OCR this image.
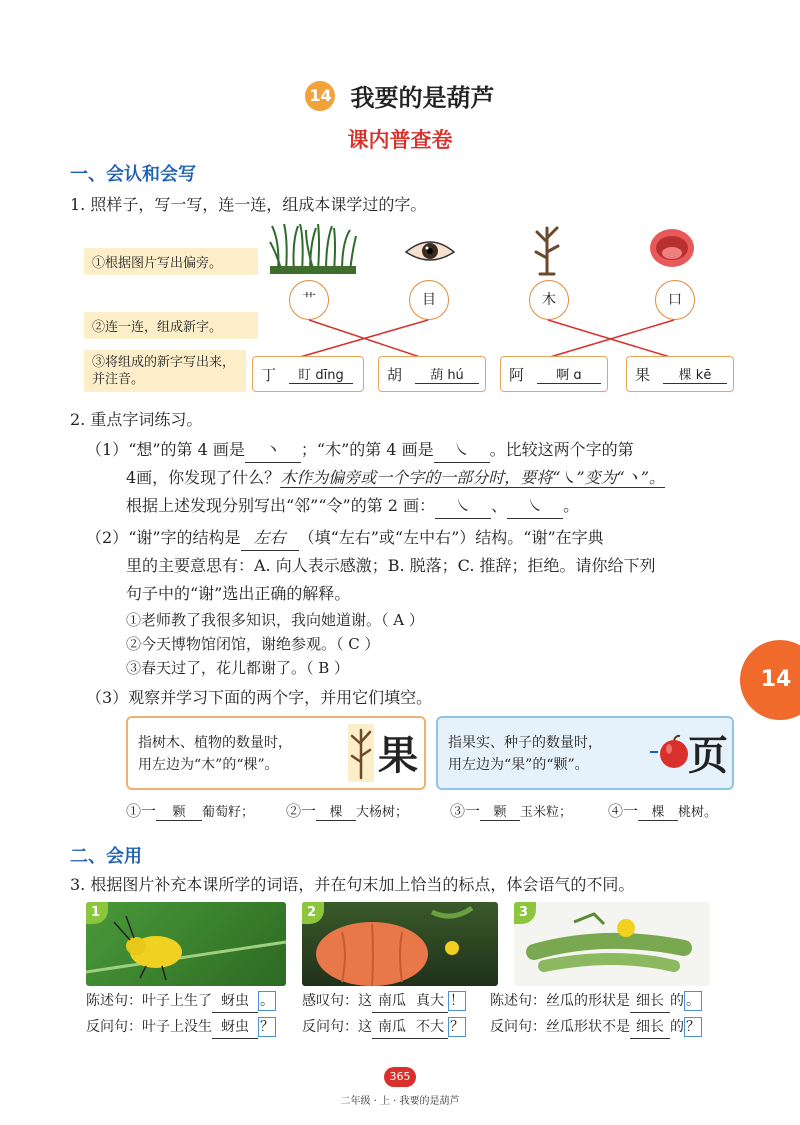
14 我要的是葫芦
课内普查卷
一、会认和会写
1. 照样子，写一写，连一连，组成本课学过的字。
①根据图片写出偏旁。
②连一连，组成新字。
③将组成的新字写出来，并注音。
艹	目	木	口
丁	盯 dīng	胡	葫 hú	阿	啊 ɑ	果	棵 kē
2. 重点字词练习。
（1）“想”的第 4 画是 丶 ；“木”的第 4 画是 ㇏ 。比较这两个字的第
4画，你发现了什么？木作为偏旁或一个字的一部分时，要将“㇏”变为“丶”。
根据上述发现分别写出“邻”“令”的第 2 画： ㇏ 、 ㇏ 。
（2）“谢”字的结构是 左右 （填“左右”或“左中右”）结构。“谢”在字典
里的主要意思有：A. 向人表示感激；B. 脱落；C. 推辞；拒绝。请你给下列
句子中的“谢”选出正确的解释。
①老师教了我很多知识，我向她道谢。（ A ）
②今天博物馆闭馆，谢绝参观。（ C ）
③春天过了，花儿都谢了。（ B ）
（3）观察并学习下面的两个字，并用它们填空。
指树木、植物的数量时，
用左边为“木”的“棵”。	果 指果实、种子的数量时，
用左边为“果”的“颗”。	页
①一 颗 葡萄籽； ②一 棵 大杨树；	③一 颗 玉米粒； ④一 棵 桃树。
二、会用
3. 根据图片补充本课所学的词语，并在句末加上恰当的标点，体会语气的不同。
1	2	3
陈述句：叶子上生了 蚜虫 。
反问句：叶子上没生 蚜虫 ？
感叹句：这 南瓜 真大 ！
反问句：这 南瓜 不大 ？
陈述句：丝瓜的形状是 细长 的 。
反问句：丝瓜形状不是 细长 的 ？
14
365
二年级 · 上 · 我要的是葫芦
